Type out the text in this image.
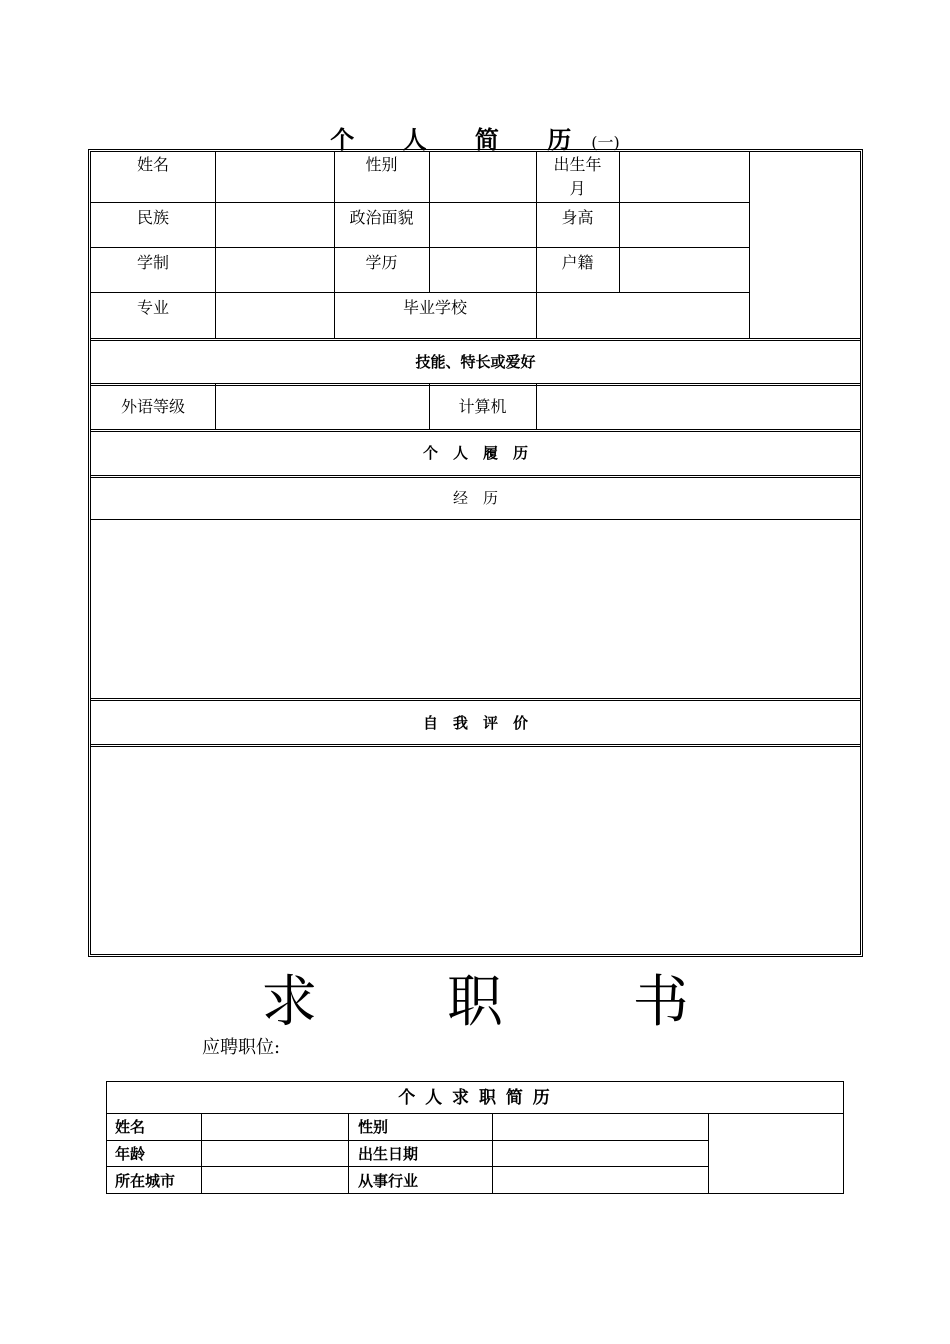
个 人 简 历(一)
姓名	性别	出生年
月
民族	政治面貌	身高
学制	学历	户籍
专业	毕业学校
技能、特长或爱好
外语等级	计算机
个　人　履　历
经　历
自　我　评　价
求 职 书
应聘职位:
个 人 求 职 简 历
姓名	性别
年龄	出生日期
所在城市	从事行业
